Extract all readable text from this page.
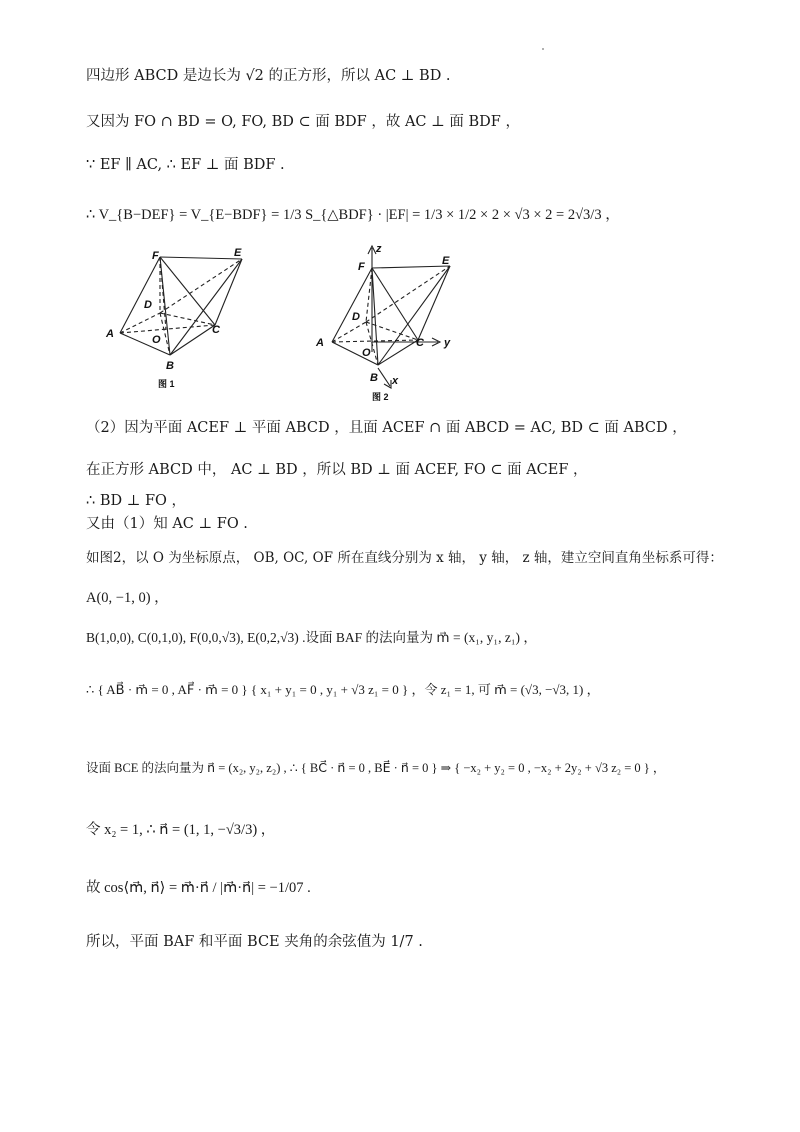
四边形 ABCD 是边长为 √2 的正方形，所以 AC ⊥ BD .
又因为 FO ∩ BD = O, FO, BD ⊂ 面 BDF ，故 AC ⊥ 面 BDF ，
∵ EF ∥ AC, ∴ EF ⊥ 面 BDF .
∴ V_{B−DEF} = V_{E−BDF} = 1/3 S_{△BDF} · |EF| = 1/3 × 1/2 × 2 × √3 × 2 = 2√3/3 ，
F	E
D
A	O
C
B
图 1
z
F	E
D
A
O
C y
B x
图 2
（2）因为平面 ACEF ⊥ 平面 ABCD ，且面 ACEF ∩ 面 ABCD = AC, BD ⊂ 面 ABCD ，
在正方形 ABCD 中， AC ⊥ BD ，所以 BD ⊥ 面 ACEF, FO ⊂ 面 ACEF ，
∴ BD ⊥ FO ，
又由（1）知 AC ⊥ FO .
如图2，以 O 为坐标原点， OB, OC, OF 所在直线分别为 x 轴， y 轴， z 轴，建立空间直角坐标系可得：
A(0, −1, 0) ，
B(1,0,0), C(0,1,0), F(0,0,√3), E(0,2,√3) .设面 BAF 的法向量为 m⃗ = (x₁, y₁, z₁) ，
∴ { AB⃗ · m⃗ = 0 , AF⃗ · m⃗ = 0 } { x₁ + y₁ = 0 , y₁ + √3 z₁ = 0 } ，令 z₁ = 1, 可 m⃗ = (√3, −√3, 1) ，
设面 BCE 的法向量为 n⃗ = (x₂, y₂, z₂) , ∴ { BC⃗ · n⃗ = 0 , BE⃗ · n⃗ = 0 } ⇒ { −x₂ + y₂ = 0 , −x₂ + 2y₂ + √3 z₂ = 0 } ，
令 x₂ = 1, ∴ n⃗ = (1, 1, −√3/3) ，
故 cos⟨m⃗, n⃗⟩ = m⃗·n⃗ / |m⃗·n⃗| = −1/07 .
所以，平面 BAF 和平面 BCE 夹角的余弦值为 1/7 .
